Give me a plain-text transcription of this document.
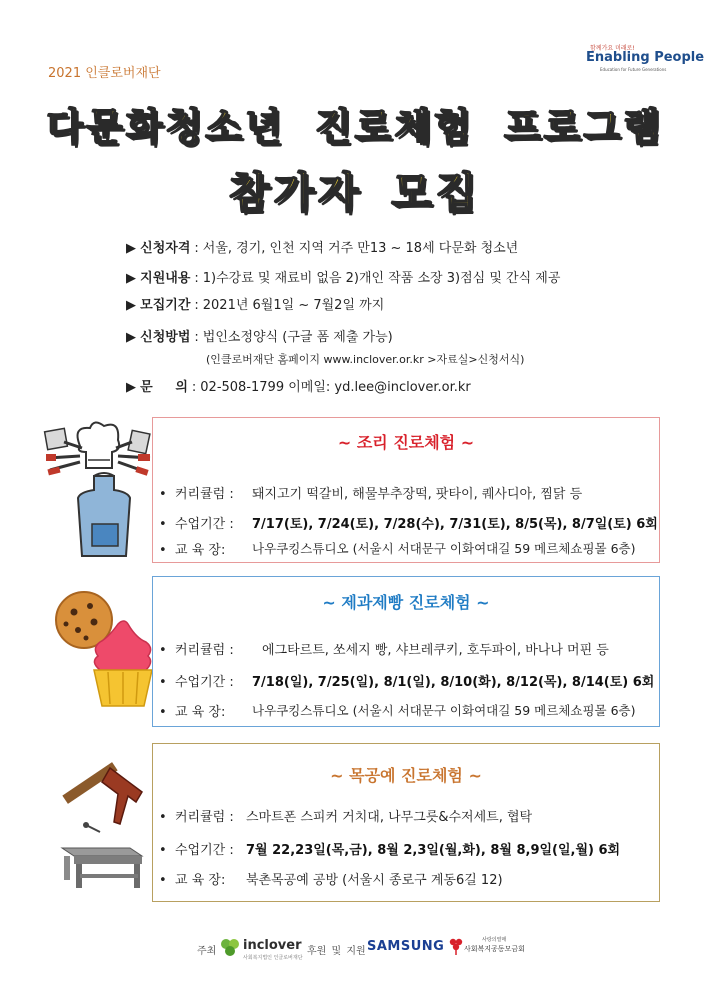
2021 인클로버재단
함께가요 미래로!
Enabling People
Education for Future Generations
다문화청소년 진로체험 프로그램
참가자 모집
▶ 신청자격 : 서울, 경기, 인천 지역 거주 만13 ~ 18세 다문화 청소년
▶ 지원내용 : 1)수강료 및 재료비 없음 2)개인 작품 소장 3)점심 및 간식 제공
▶ 모집기간 : 2021년 6월1일 ~ 7월2일 까지
▶ 신청방법 : 법인소정양식 (구글 폼 제출 가능)
(인클로버재단 홈페이지 www.inclover.or.kr >자료실>신청서식)
▶ 문     의 : 02-508-1799 이메일: yd.lee@inclover.or.kr
~ 조리 진로체험 ~
• 커리큘럼 : 돼지고기 떡갈비, 해물부추장떡, 팟타이, 퀘사디아, 찜닭 등
• 수업기간 : 7/17(토), 7/24(토), 7/28(수), 7/31(토), 8/5(목), 8/7일(토) 6회
• 교 육 장: 나우쿠킹스튜디오 (서울시 서대문구 이화여대길 59 메르체쇼핑몰 6층)
~ 제과제빵 진로체험 ~
• 커리큘럼 : 에그타르트, 쏘세지 빵, 샤브레쿠키, 호두파이, 바나나 머핀 등
• 수업기간 : 7/18(일), 7/25(일), 8/1(일), 8/10(화), 8/12(목), 8/14(토) 6회
• 교 육 장: 나우쿠킹스튜디오 (서울시 서대문구 이화여대길 59 메르체쇼핑몰 6층)
~ 목공예 진로체험 ~
• 커리큘럼 : 스마트폰 스피커 거치대, 나무그릇&수저세트, 협탁
• 수업기간 : 7월 22,23일(목,금), 8월 2,3일(월,화), 8월 8,9일(일,월) 6회
• 교 육 장: 북촌목공예 공방 (서울시 종로구 계동6길 12)
주최 inclover
사회복지법인 인클로버재단
후원 및 지원 SAMSUNG	사랑의열매
사회복지공동모금회
